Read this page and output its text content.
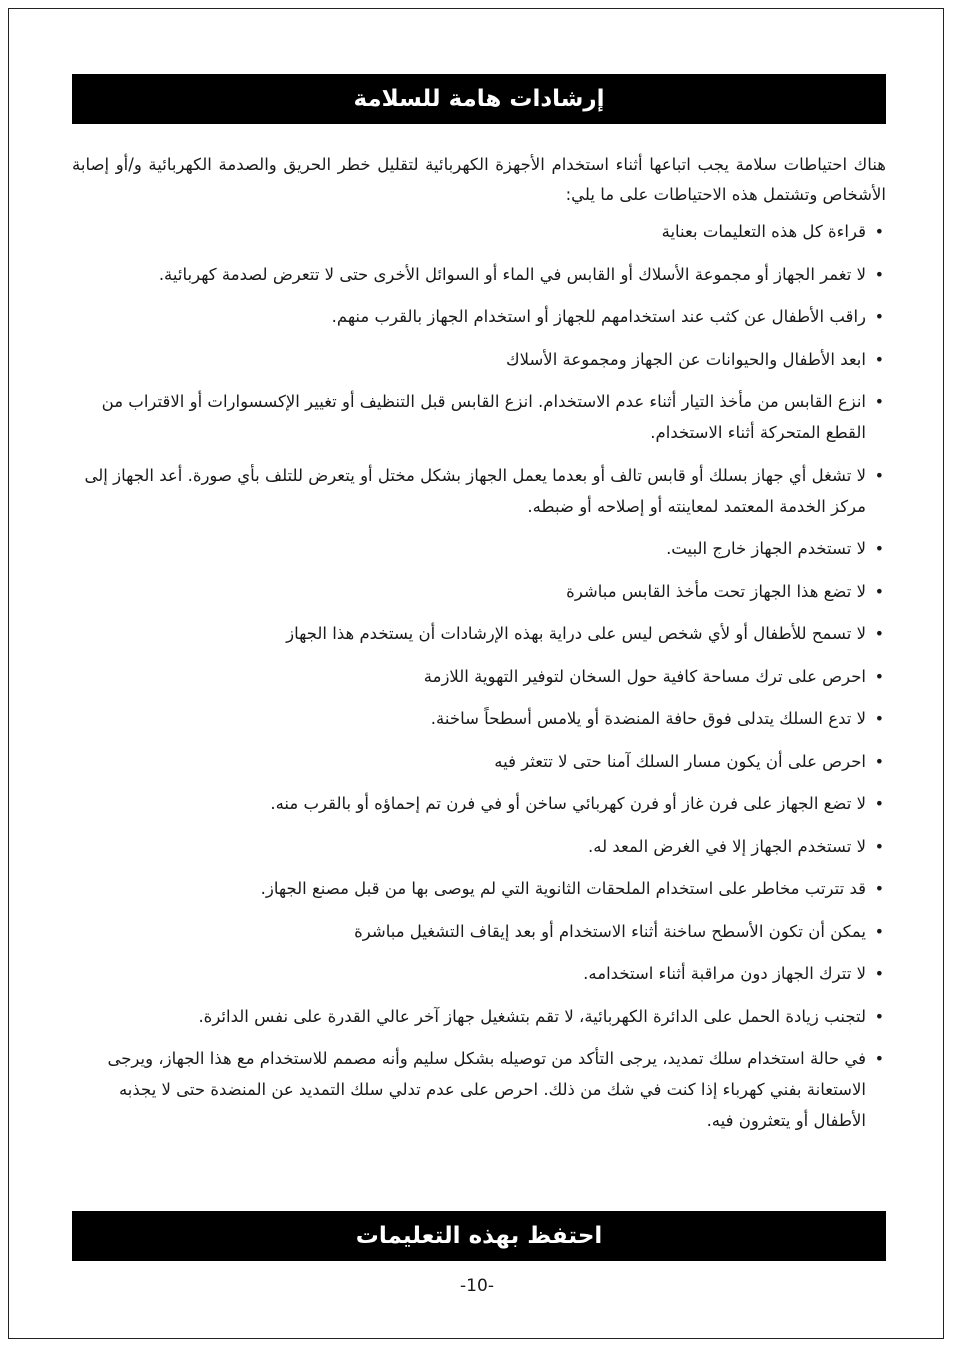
إرشادات هامة للسلامة

هناك احتياطات سلامة يجب اتباعها أثناء استخدام الأجهزة الكهربائية لتقليل خطر الحريق والصدمة الكهربائية و/أو إصابة الأشخاص وتشتمل هذه الاحتياطات على ما يلي:

•
قراءة كل هذه التعليمات بعناية
•
لا تغمر الجهاز أو مجموعة الأسلاك أو القابس في الماء أو السوائل الأخرى حتى لا تتعرض لصدمة كهربائية.
•
راقب الأطفال عن كثب عند استخدامهم للجهاز أو استخدام الجهاز بالقرب منهم.
•
ابعد الأطفال والحيوانات عن الجهاز ومجموعة الأسلاك
•
انزع القابس من مأخذ التيار أثناء عدم الاستخدام. انزع القابس قبل التنظيف أو تغيير الإكسسوارات أو الاقتراب من القطع المتحركة أثناء الاستخدام.
•
لا تشغل أي جهاز بسلك أو قابس تالف أو بعدما يعمل الجهاز بشكل مختل أو يتعرض للتلف بأي صورة. أعد الجهاز إلى مركز الخدمة المعتمد لمعاينته أو إصلاحه أو ضبطه.
•
لا تستخدم الجهاز خارج البيت.
•
لا تضع هذا الجهاز تحت مأخذ القابس مباشرة
•
لا تسمح للأطفال أو لأي شخص ليس على دراية بهذه الإرشادات أن يستخدم هذا الجهاز
•
احرص على ترك مساحة كافية حول السخان لتوفير التهوية اللازمة
•
لا تدع السلك يتدلى فوق حافة المنضدة أو يلامس أسطحاً ساخنة.
•
احرص على أن يكون مسار السلك آمنا حتى لا تتعثر فيه
•
لا تضع الجهاز على فرن غاز أو فرن كهربائي ساخن أو في فرن تم إحماؤه أو بالقرب منه.
•
لا تستخدم الجهاز إلا في الغرض المعد له.
•
قد تترتب مخاطر على استخدام الملحقات الثانوية التي لم يوصى بها من قبل مصنع الجهاز.
•
يمكن أن تكون الأسطح ساخنة أثناء الاستخدام أو بعد إيقاف التشغيل مباشرة
•
لا تترك الجهاز دون مراقبة أثناء استخدامه.
•
لتجنب زيادة الحمل على الدائرة الكهربائية، لا تقم بتشغيل جهاز آخر عالي القدرة على نفس الدائرة.
•
في حالة استخدام سلك تمديد، يرجى التأكد من توصيله بشكل سليم وأنه مصمم للاستخدام مع هذا الجهاز، ويرجى الاستعانة بفني كهرباء إذا كنت في شك من ذلك. احرص على عدم تدلي سلك التمديد عن المنضدة حتى لا يجذبه الأطفال أو يتعثرون فيه.
احتفظ بهذه التعليمات
-10-
